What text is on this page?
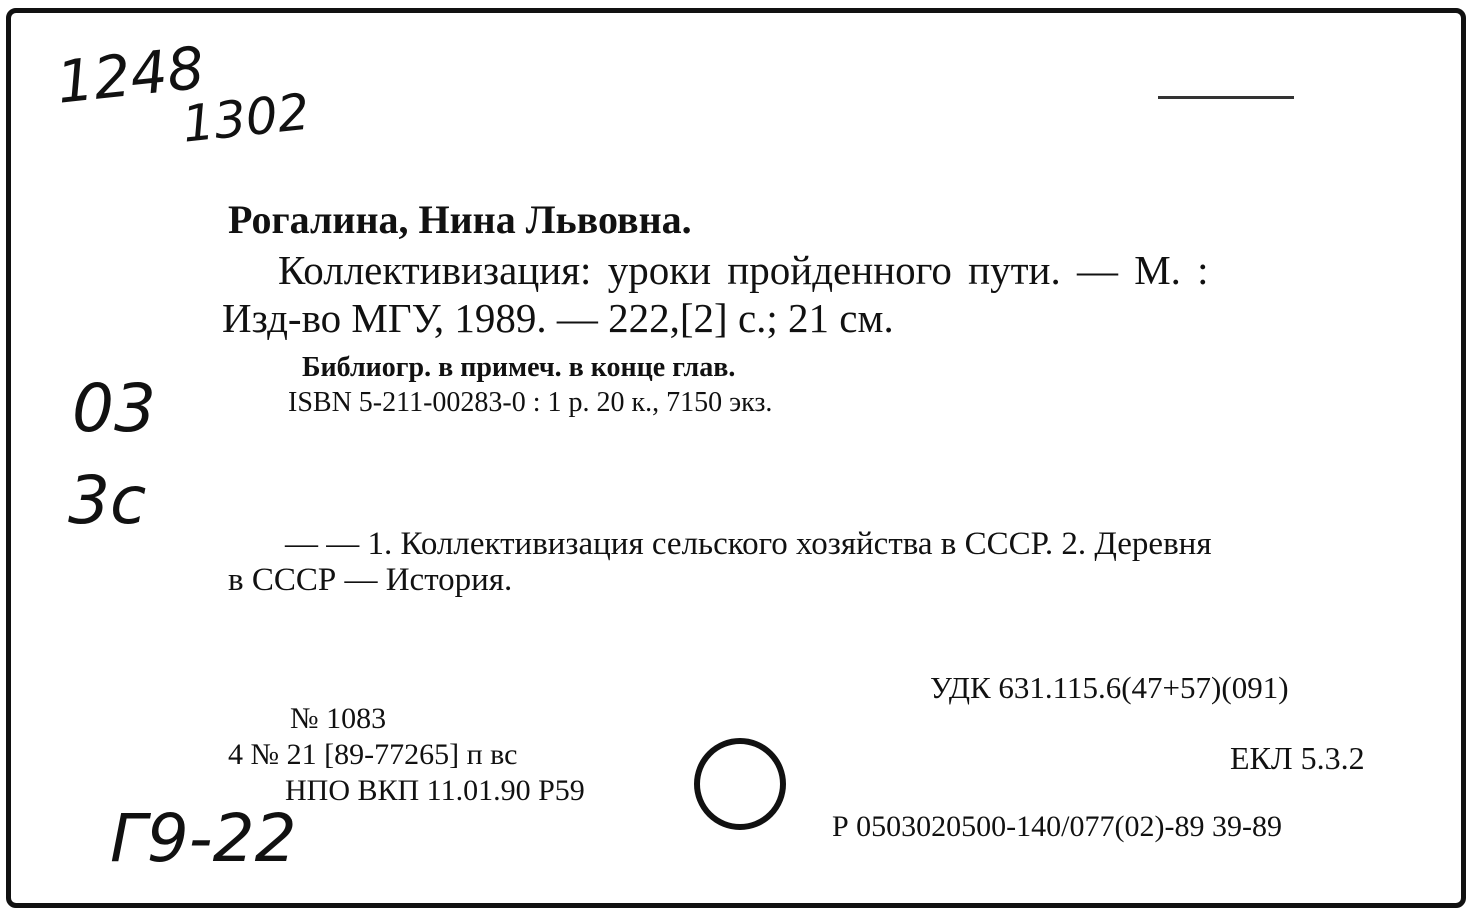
1248
1302
Рогалина, Нина Львовна.
Коллективизация: уроки пройденного пути. — М. :
Изд-во МГУ, 1989. — 222,[2] с.; 21 см.
Библиогр. в примеч. в конце глав.
ISBN 5-211-00283-0 : 1 р. 20 к., 7150 экз.
03
3c
— — 1. Коллективизация сельского хозяйства в СССР. 2. Деревня
в СССР — История.
УДК 631.115.6(47+57)(091)
№ 1083
4 № 21 [89-77265] п вс	ЕКЛ 5.3.2
НПО ВКП 11.01.90 Р59
Р 0503020500-140/077(02)-89 39-89
Г9-22
